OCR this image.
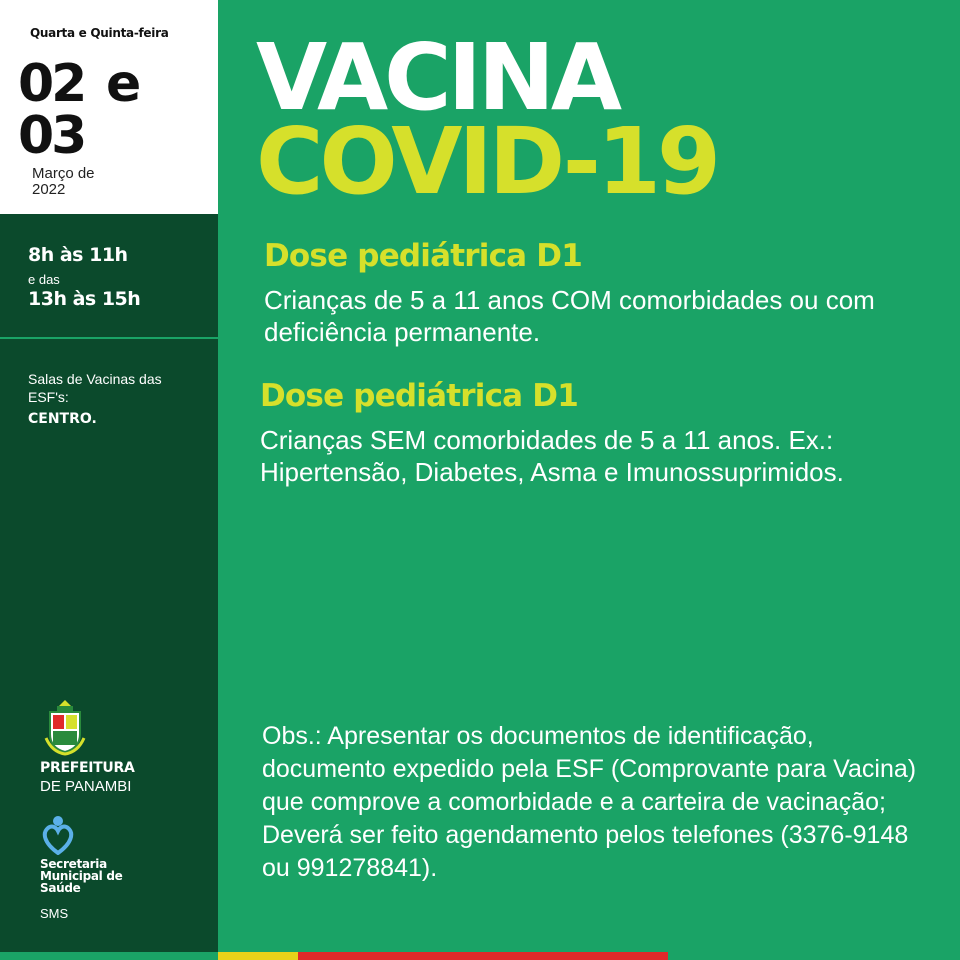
Quarta e Quinta-feira
02 e
03
Março de 2022
8h às 11h
e das
13h às 15h
Salas de Vacinas das ESF's:
CENTRO.
PREFEITURA
DE PANAMBI
Secretaria Municipal de Saúde
SMS
VACINA
COVID-19
Dose pediátrica D1
Crianças de 5 a 11 anos COM comorbidades ou com deficiência permanente.
Dose pediátrica D1
Crianças SEM comorbidades de 5 a 11 anos. Ex.: Hipertensão, Diabetes, Asma e Imunossuprimidos.
Obs.: Apresentar os documentos de identificação, documento expedido pela ESF (Comprovante para Vacina) que comprove a comorbidade e a carteira de vacinação; Deverá ser feito agendamento pelos telefones (3376-9148 ou 991278841).
